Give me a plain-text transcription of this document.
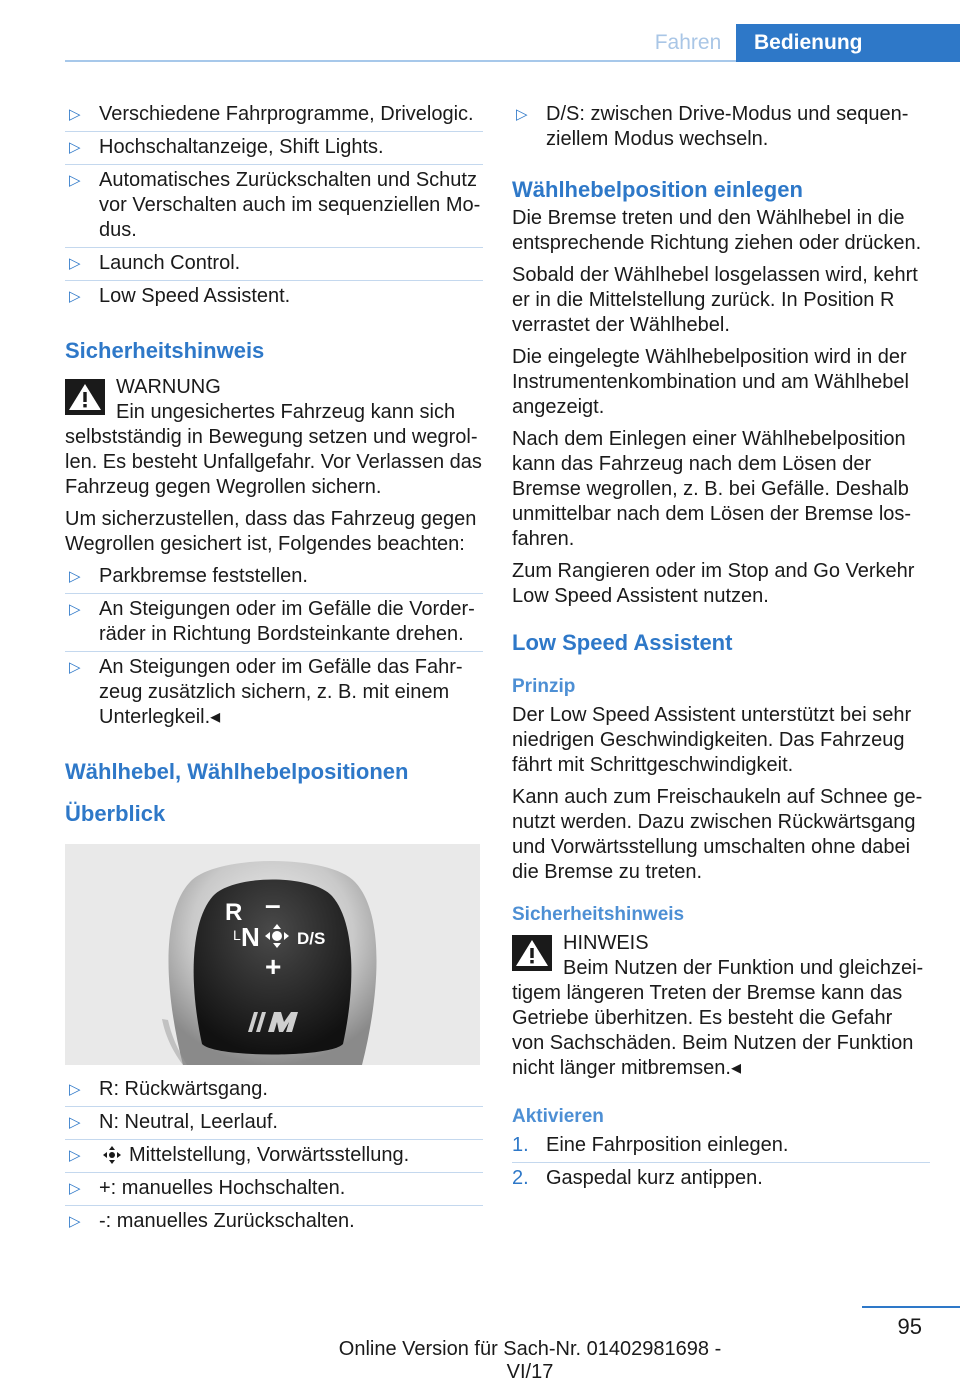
Fahren	Bedienung
▷ Verschiedene Fahrprogramme, Drivelogic.
▷ Hochschaltanzeige, Shift Lights.
▷ Automatisches Zurückschalten und Schutz vor Verschalten auch im sequenziellen Modus.
▷ Launch Control.
▷ Low Speed Assistent.
Sicherheitshinweis
WARNUNG
Ein ungesichertes Fahrzeug kann sich selbstständig in Bewegung setzen und wegrollen. Es besteht Unfallgefahr. Vor Verlassen das Fahrzeug gegen Wegrollen sichern.

Um sicherzustellen, dass das Fahrzeug gegen Wegrollen gesichert ist, Folgendes beachten:

▷ Parkbremse feststellen.
▷ An Steigungen oder im Gefälle die Vorderräder in Richtung Bordsteinkante drehen.
▷ An Steigungen oder im Gefälle das Fahrzeug zusätzlich sichern, z. B. mit einem Unterlegkeil.◂
Wählhebel, Wählhebelpositionen
Überblick
R –
L N D/S
+
▷ R: Rückwärtsgang.
▷ N: Neutral, Leerlauf.
▷ Mittelstellung, Vorwärtsstellung.
▷ +: manuelles Hochschalten.
▷ -: manuelles Zurückschalten.
▷ D/S: zwischen Drive-Modus und sequenziellem Modus wechseln.
Wählhebelposition einlegen

Die Bremse treten und den Wählhebel in die entsprechende Richtung ziehen oder drücken.

Sobald der Wählhebel losgelassen wird, kehrt er in die Mittelstellung zurück. In Position R verrastet der Wählhebel.

Die eingelegte Wählhebelposition wird in der Instrumentenkombination und am Wählhebel angezeigt.

Nach dem Einlegen einer Wählhebelposition kann das Fahrzeug nach dem Lösen der Bremse wegrollen, z. B. bei Gefälle. Deshalb unmittelbar nach dem Lösen der Bremse losfahren.

Zum Rangieren oder im Stop and Go Verkehr Low Speed Assistent nutzen.

Low Speed Assistent
Prinzip

Der Low Speed Assistent unterstützt bei sehr niedrigen Geschwindigkeiten. Das Fahrzeug fährt mit Schrittgeschwindigkeit.

Kann auch zum Freischaukeln auf Schnee genutzt werden. Dazu zwischen Rückwärtsgang und Vorwärtsstellung umschalten ohne dabei die Bremse zu treten.

Sicherheitshinweis
HINWEIS
Beim Nutzen der Funktion und gleichzeitigem längeren Treten der Bremse kann das Getriebe überhitzen. Es besteht die Gefahr von Sachschäden. Beim Nutzen der Funktion nicht länger mitbremsen.◂
Aktivieren
1. Eine Fahrposition einlegen.
2. Gaspedal kurz antippen.
95
Online Version für Sach-Nr. 01402981698 - VI/17
